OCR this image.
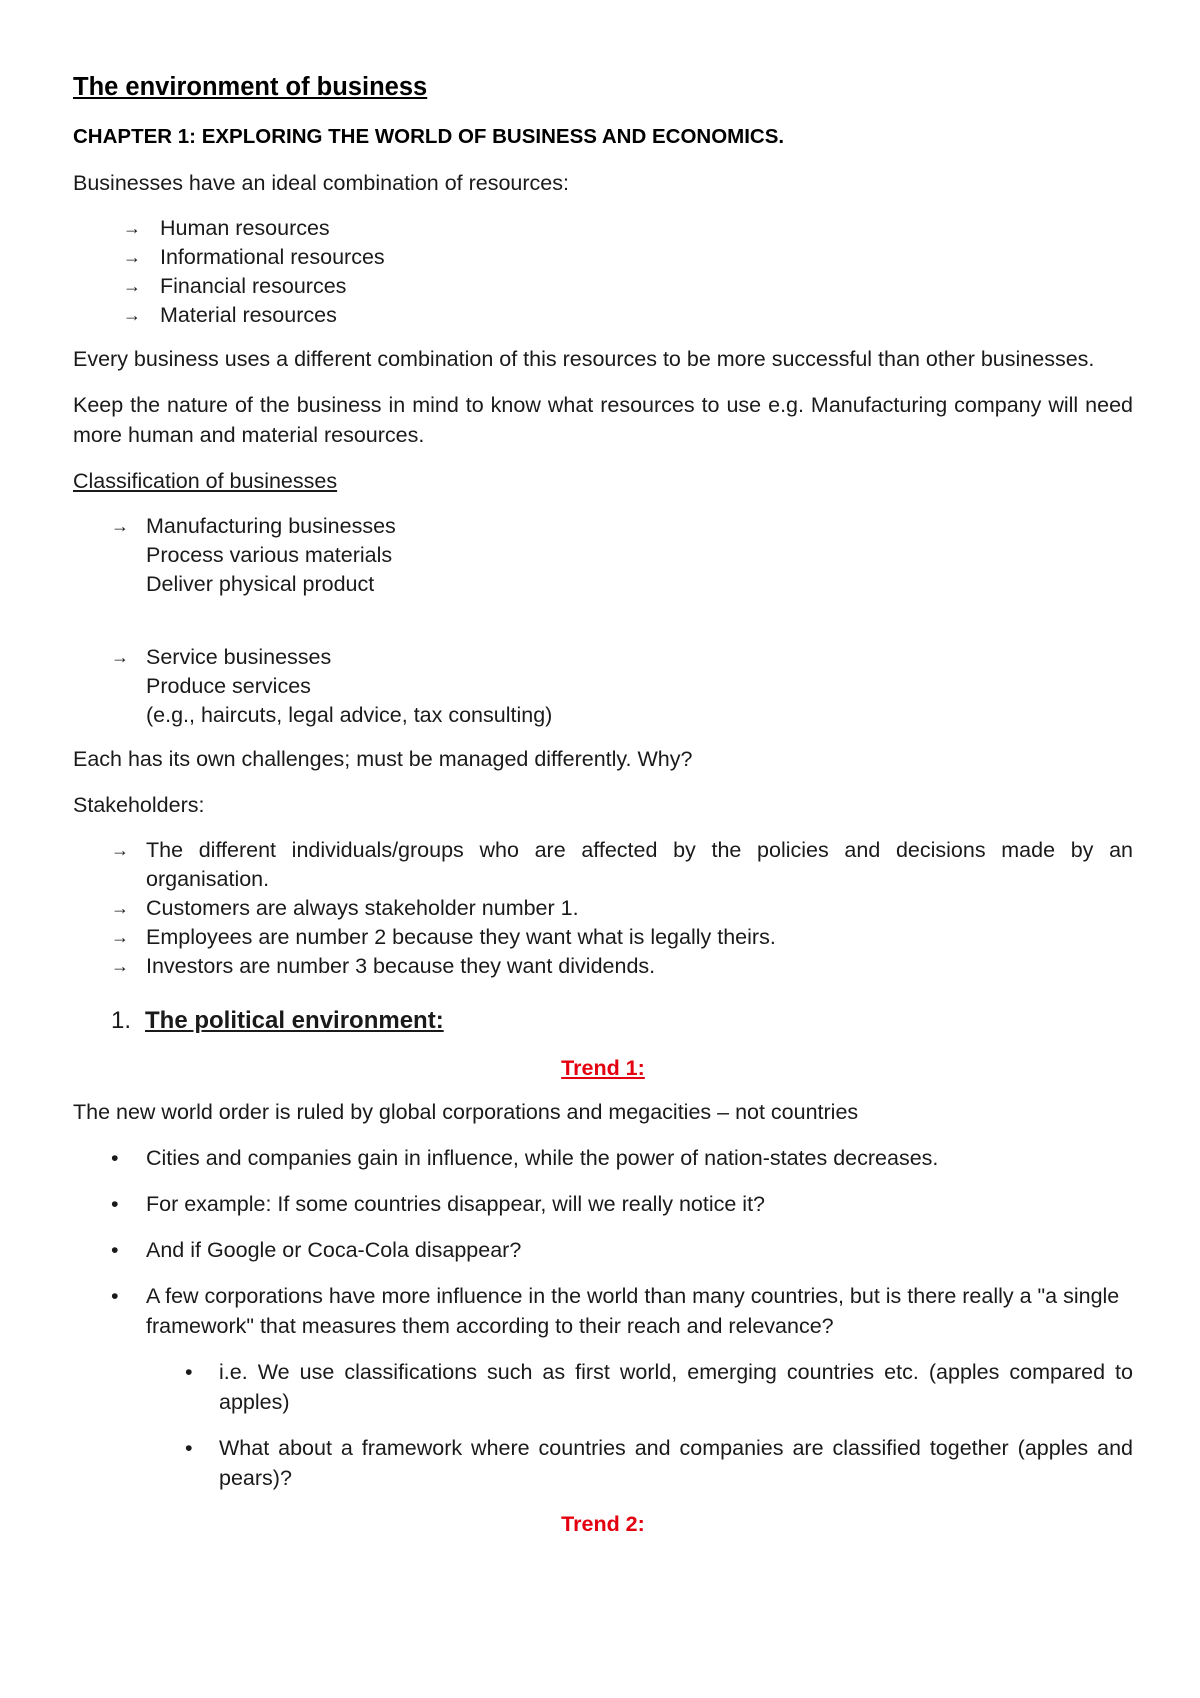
The environment of business
CHAPTER 1: EXPLORING THE WORLD OF BUSINESS AND ECONOMICS.

Businesses have an ideal combination of resources:

→ Human resources
→ Informational resources
→ Financial resources
→ Material resources

Every business uses a different combination of this resources to be more successful than other businesses.

Keep the nature of the business in mind to know what resources to use e.g. Manufacturing company will need more human and material resources.

Classification of businesses

→ Manufacturing businesses
Process various materials
Deliver physical product
→ Service businesses
Produce services
(e.g., haircuts, legal advice, tax consulting)

Each has its own challenges; must be managed differently. Why?

Stakeholders:

→ The different individuals/groups who are affected by the policies and decisions made by an organisation.
→ Customers are always stakeholder number 1.
→ Employees are number 2 because they want what is legally theirs.
→ Investors are number 3 because they want dividends.
1. The political environment:
Trend 1:

The new world order is ruled by global corporations and megacities – not countries

• Cities and companies gain in influence, while the power of nation-states decreases.
• For example: If some countries disappear, will we really notice it?
• And if Google or Coca-Cola disappear?
• A few corporations have more influence in the world than many countries, but is there really a "a single framework" that measures them according to their reach and relevance?
• i.e. We use classifications such as first world, emerging countries etc. (apples compared to apples)
• What about a framework where countries and companies are classified together (apples and pears)?
Trend 2:
